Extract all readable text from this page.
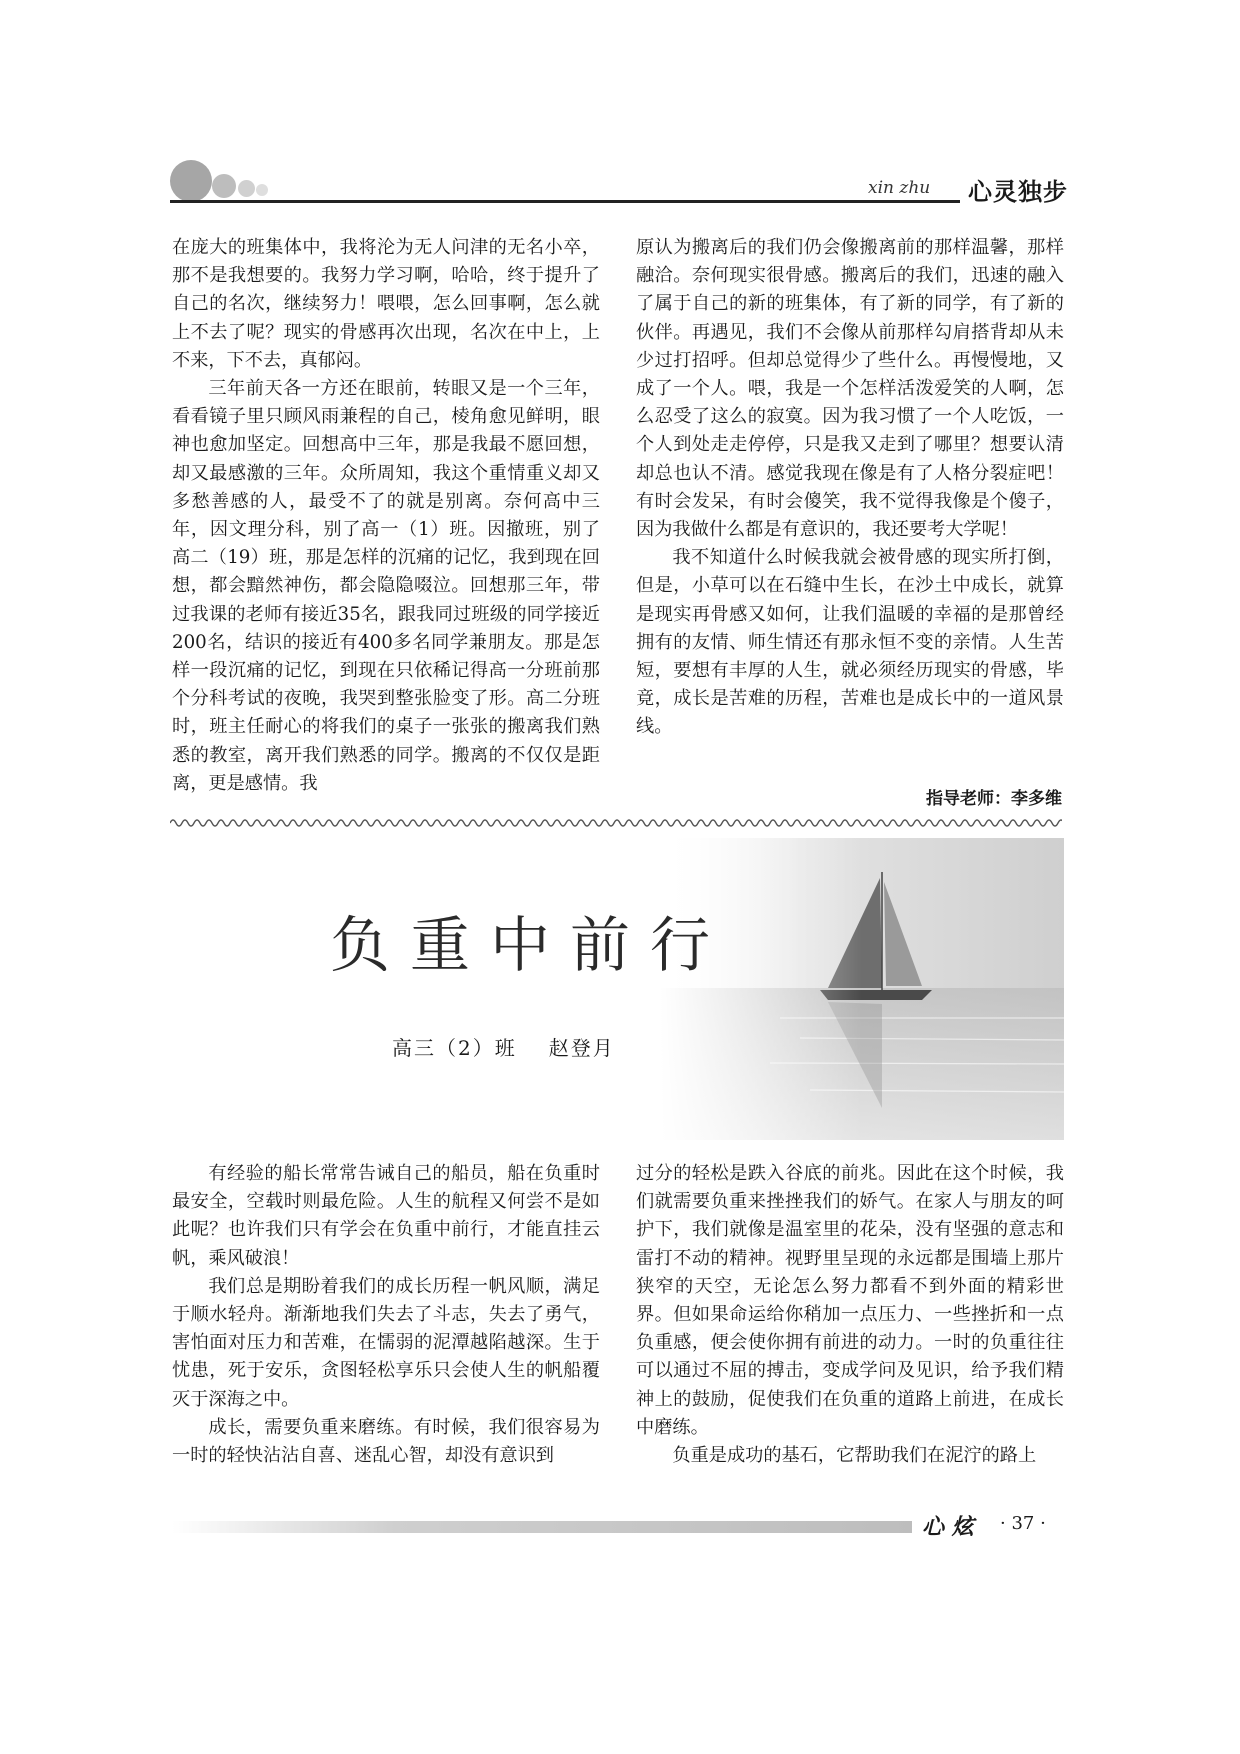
xin zhu 心灵独步

在庞大的班集体中，我将沦为无人问津的无名小卒，那不是我想要的。我努力学习啊，哈哈，终于提升了自己的名次，继续努力！喂喂，怎么回事啊，怎么就上不去了呢？现实的骨感再次出现，名次在中上，上不来，下不去，真郁闷。

三年前天各一方还在眼前，转眼又是一个三年，看看镜子里只顾风雨兼程的自己，棱角愈见鲜明，眼神也愈加坚定。回想高中三年，那是我最不愿回想，却又最感激的三年。众所周知，我这个重情重义却又多愁善感的人，最受不了的就是别离。奈何高中三年，因文理分科，别了高一（1）班。因撤班，别了高二（19）班，那是怎样的沉痛的记忆，我到现在回想，都会黯然神伤，都会隐隐啜泣。回想那三年，带过我课的老师有接近35名，跟我同过班级的同学接近200名，结识的接近有400多名同学兼朋友。那是怎样一段沉痛的记忆，到现在只依稀记得高一分班前那个分科考试的夜晚，我哭到整张脸变了形。高二分班时，班主任耐心的将我们的桌子一张张的搬离我们熟悉的教室，离开我们熟悉的同学。搬离的不仅仅是距离，更是感情。我

原认为搬离后的我们仍会像搬离前的那样温馨，那样融洽。奈何现实很骨感。搬离后的我们，迅速的融入了属于自己的新的班集体，有了新的同学，有了新的伙伴。再遇见，我们不会像从前那样勾肩搭背却从未少过打招呼。但却总觉得少了些什么。再慢慢地，又成了一个人。喂，我是一个怎样活泼爱笑的人啊，怎么忍受了这么的寂寞。因为我习惯了一个人吃饭，一个人到处走走停停，只是我又走到了哪里？想要认清却总也认不清。感觉我现在像是有了人格分裂症吧！有时会发呆，有时会傻笑，我不觉得我像是个傻子，因为我做什么都是有意识的，我还要考大学呢！

我不知道什么时候我就会被骨感的现实所打倒，但是，小草可以在石缝中生长，在沙土中成长，就算是现实再骨感又如何，让我们温暖的幸福的是那曾经拥有的友情、师生情还有那永恒不变的亲情。人生苦短，要想有丰厚的人生，就必须经历现实的骨感，毕竟，成长是苦难的历程，苦难也是成长中的一道风景线。

指导老师：李多维
负重中前行
高三（2）班 赵登月

有经验的船长常常告诫自己的船员，船在负重时最安全，空载时则最危险。人生的航程又何尝不是如此呢？也许我们只有学会在负重中前行，才能直挂云帆，乘风破浪！

我们总是期盼着我们的成长历程一帆风顺，满足于顺水轻舟。渐渐地我们失去了斗志，失去了勇气，害怕面对压力和苦难，在懦弱的泥潭越陷越深。生于忧患，死于安乐，贪图轻松享乐只会使人生的帆船覆灭于深海之中。

成长，需要负重来磨练。有时候，我们很容易为一时的轻快沾沾自喜、迷乱心智，却没有意识到

过分的轻松是跌入谷底的前兆。因此在这个时候，我们就需要负重来挫挫我们的娇气。在家人与朋友的呵护下，我们就像是温室里的花朵，没有坚强的意志和雷打不动的精神。视野里呈现的永远都是围墙上那片狭窄的天空，无论怎么努力都看不到外面的精彩世界。但如果命运给你稍加一点压力、一些挫折和一点负重感，便会使你拥有前进的动力。一时的负重往往可以通过不屈的搏击，变成学问及见识，给予我们精神上的鼓励，促使我们在负重的道路上前进，在成长中磨练。

负重是成功的基石，它帮助我们在泥泞的路上

心 炫 · 37 ·
